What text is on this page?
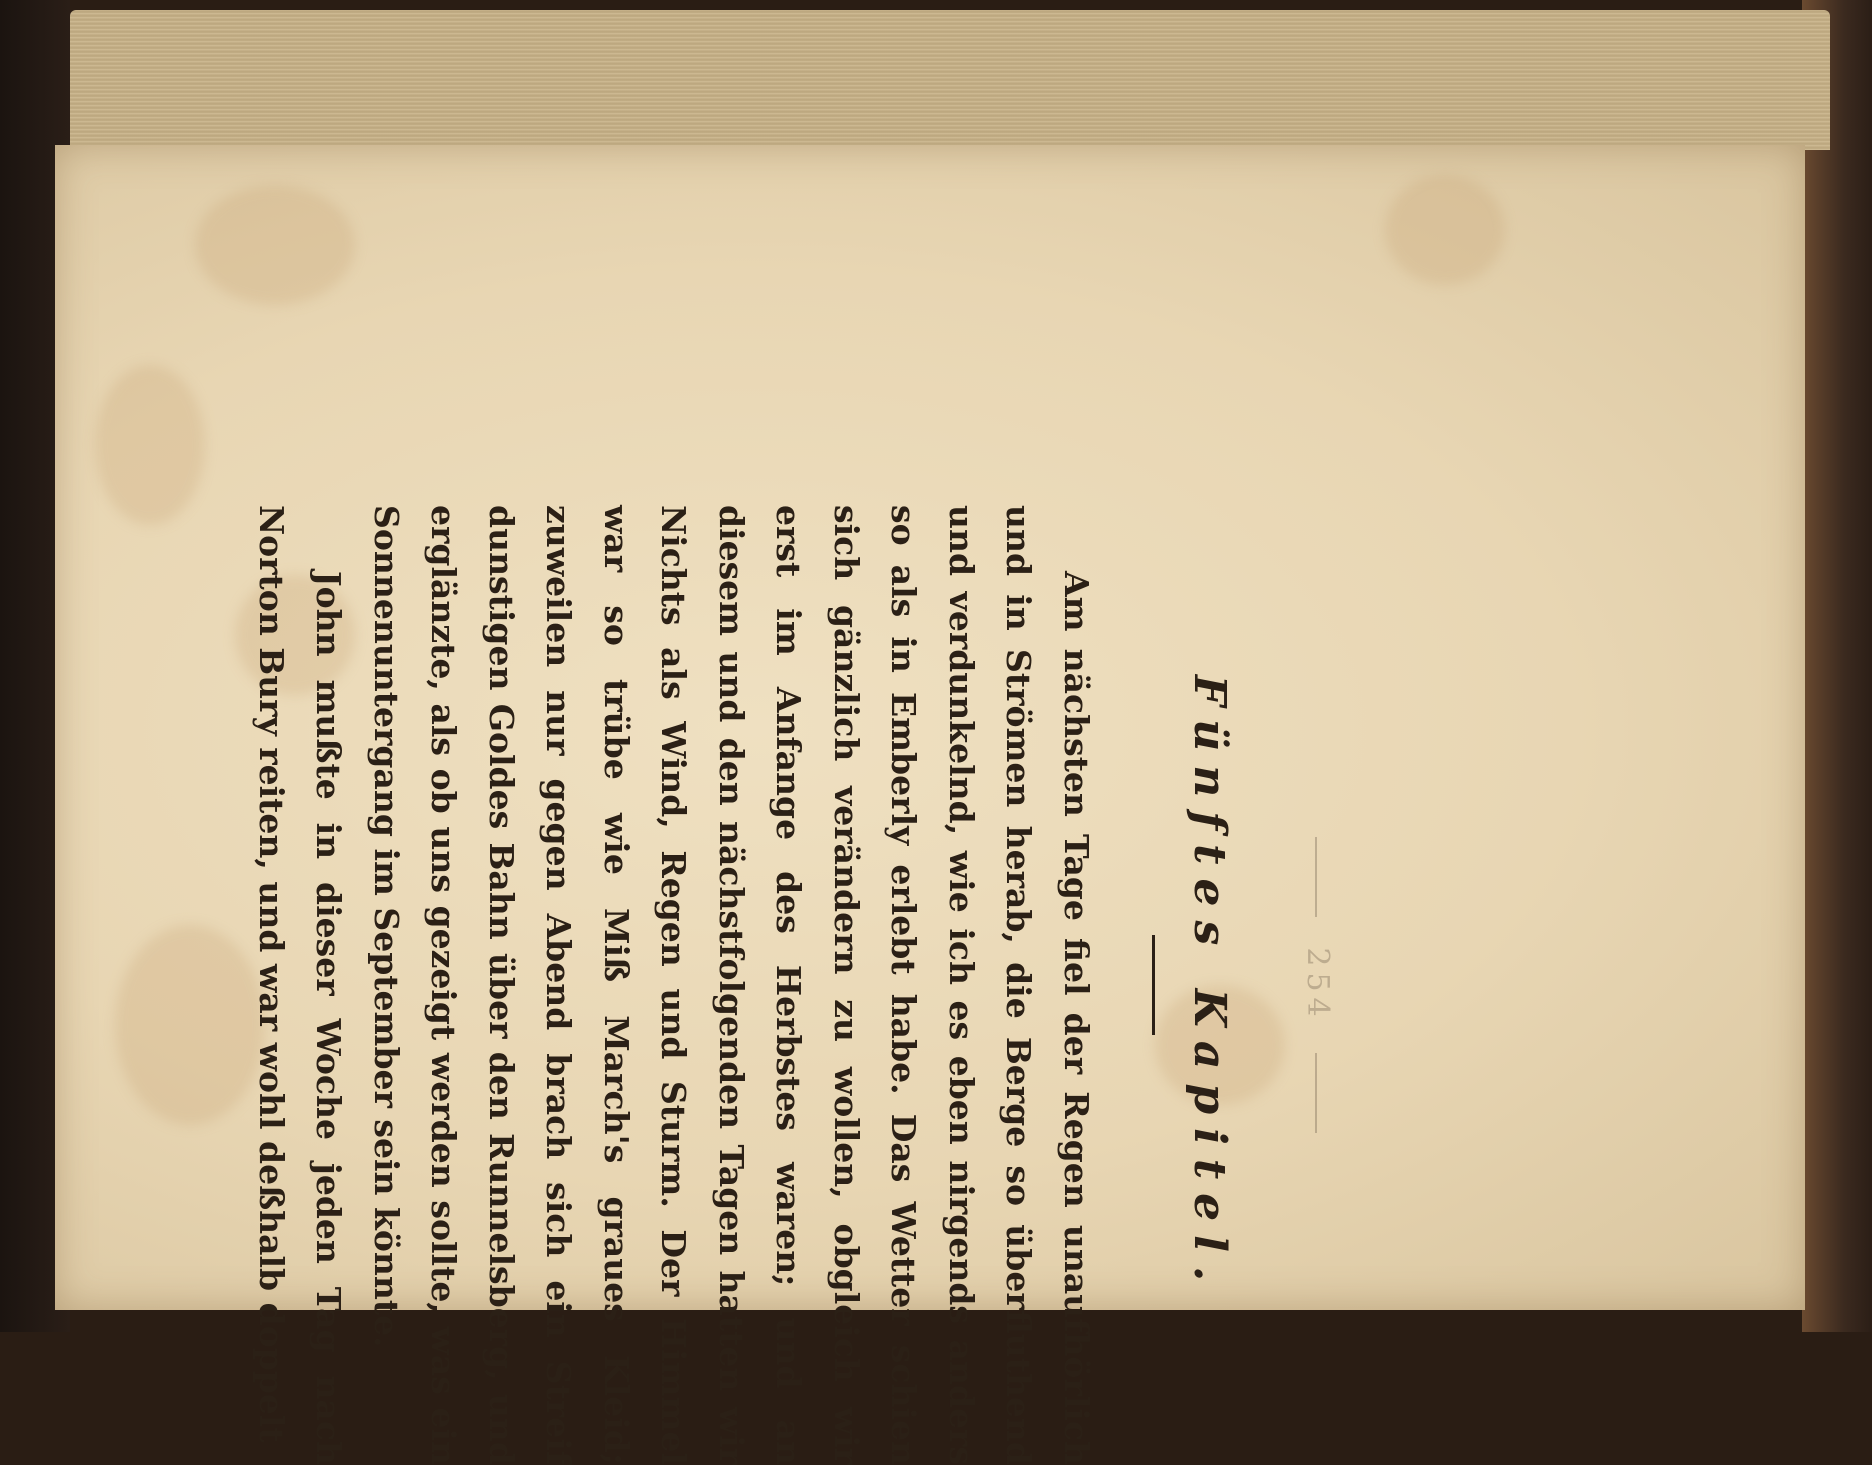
254
Fünftes Kapitel.

Am nächsten Tage fiel der Regen unaufhörlich und in Strömen herab, die Berge so überfluthend und verdunkelnd, wie ich es eben nirgends anders so als in Emberly erlebt habe. Das Wetter schien sich gänzlich verändern zu wollen, obgleich wir erst im Anfange des Herbstes waren; und an diesem und den nächstfolgenden Tagen hatten wir Nichts als Wind, Regen und Sturm. Der Himmel war so trübe wie Miß March's graues Kleid; zuweilen nur gegen Abend brach sich ein Streif dunstigen Goldes Bahn über den Runnelsberg, und erglänzte, als ob uns gezeigt werden sollte, was ein Sonnenuntergang im September sein könnte.

John mußte in dieser Woche jeden Tag nach Norton Bury reiten, und war wohl deßhalb doppelt
